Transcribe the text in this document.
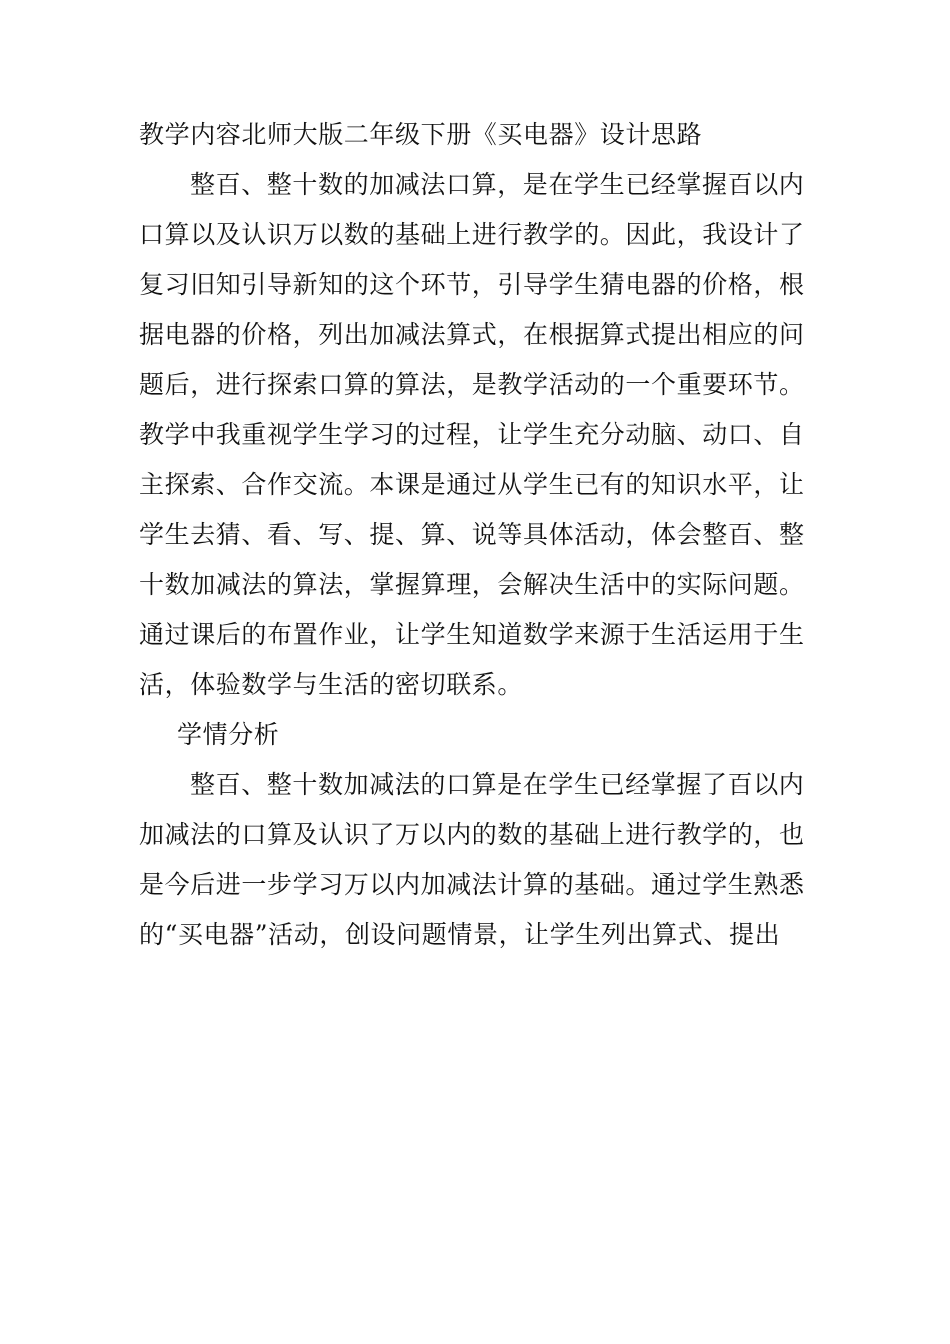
教学内容北师大版二年级下册《买电器》设计思路
整百、整十数的加减法口算，是在学生已经掌握百以内
口算以及认识万以数的基础上进行教学的。因此，我设计了
复习旧知引导新知的这个环节，引导学生猜电器的价格，根
据电器的价格，列出加减法算式，在根据算式提出相应的问
题后，进行探索口算的算法，是教学活动的一个重要环节。
教学中我重视学生学习的过程，让学生充分动脑、动口、自
主探索、合作交流。本课是通过从学生已有的知识水平，让
学生去猜、看、写、提、算、说等具体活动，体会整百、整
十数加减法的算法，掌握算理，会解决生活中的实际问题。
通过课后的布置作业，让学生知道数学来源于生活运用于生
活，体验数学与生活的密切联系。
学情分析
整百、整十数加减法的口算是在学生已经掌握了百以内
加减法的口算及认识了万以内的数的基础上进行教学的，也
是今后进一步学习万以内加减法计算的基础。通过学生熟悉
的“买电器”活动，创设问题情景，让学生列出算式、提出
